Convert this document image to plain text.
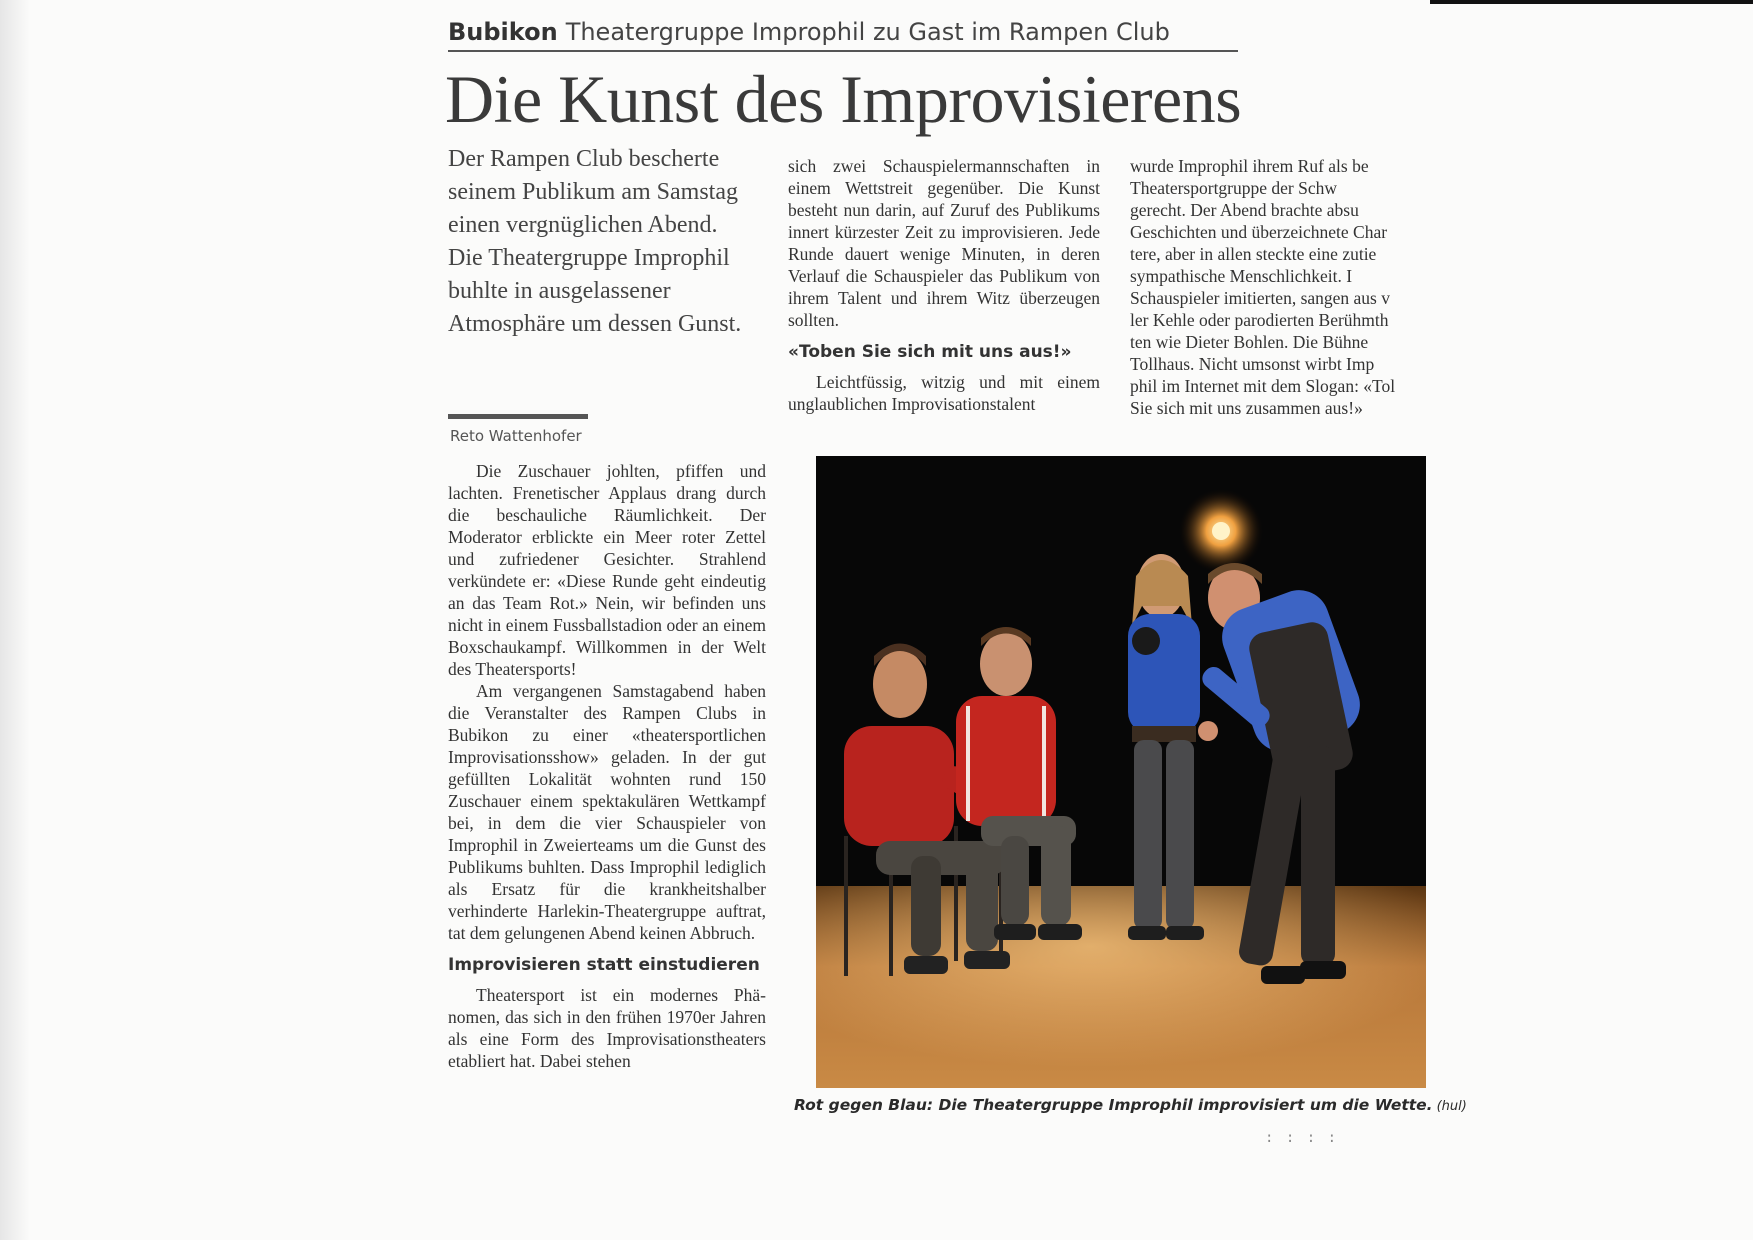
Bubikon Theatergruppe Improphil zu Gast im Rampen Club
Die Kunst des Improvisierens
Der Rampen Club bescherte seinem Publikum am Samstag einen vergnüglichen Abend. Die Theatergruppe Improphil buhlte in ausgelassener Atmosphäre um dessen Gunst.
Reto Wattenhofer

Die Zuschauer johlten, pfiffen und lachten. Frenetischer Applaus drang durch die beschauliche Räumlichkeit. Der Moderator erblickte ein Meer roter Zettel und zufriedener Gesichter. Strahlend verkündete er: «Diese Runde geht eindeutig an das Team Rot.» Nein, wir befinden uns nicht in einem Fussballstadion oder an einem Boxschaukampf. Willkommen in der Welt des Theatersports!

Am vergangenen Samstagabend haben die Veranstalter des Rampen Clubs in Bubikon zu einer «theatersportlichen Improvisationsshow» geladen. In der gut gefüllten Lokalität wohnten rund 150 Zuschauer einem spektakulären Wettkampf bei, in dem die vier Schauspieler von Improphil in Zweierteams um die Gunst des Publikums buhlten. Dass Improphil lediglich als Ersatz für die krankheitshalber verhinderte Harlekin-Theatergruppe auftrat, tat dem gelungenen Abend keinen Abbruch.

Improvisieren statt einstudieren

Theatersport ist ein modernes Phänomen, das sich in den frühen 1970er Jahren als eine Form des Improvisationstheaters etabliert hat. Dabei stehen

sich zwei Schauspielermannschaften in einem Wettstreit gegenüber. Die Kunst besteht nun darin, auf Zuruf des Publikums innert kürzester Zeit zu improvisieren. Jede Runde dauert wenige Minuten, in deren Verlauf die Schauspieler das Publikum von ihrem Talent und ihrem Witz überzeugen sollten.

«Toben Sie sich mit uns aus!»

Leichtfüssig, witzig und mit einem unglaublichen Improvisationstalent

wurde Improphil ihrem Ruf als be
Theatersportgruppe der Schw
gerecht. Der Abend brachte absu
Geschichten und überzeichnete Char
tere, aber in allen steckte eine zutie
sympathische Menschlichkeit. I
Schauspieler imitierten, sangen aus v
ler Kehle oder parodierten Berühmth
ten wie Dieter Bohlen. Die Bühne
Tollhaus. Nicht umsonst wirbt Imp
phil im Internet mit dem Slogan: «Tol
Sie sich mit uns zusammen aus!»
Rot gegen Blau: Die Theatergruppe Improphil improvisiert um die Wette. (hul)
: : : :
